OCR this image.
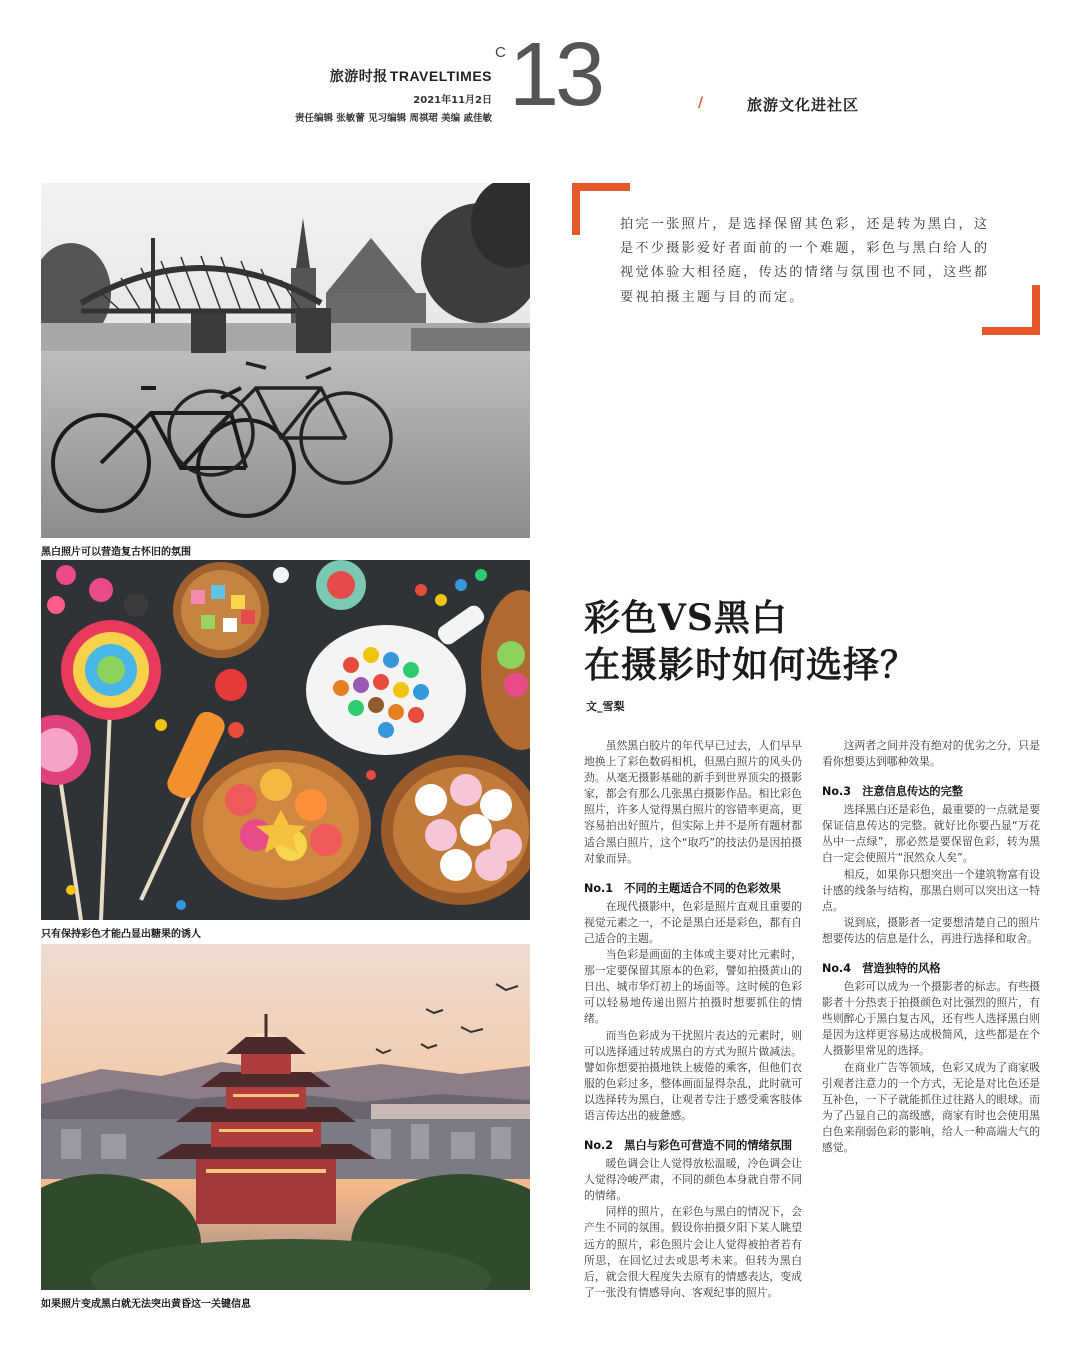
旅游时报 TRAVELTIMES
2021年11月2日
责任编辑 张敏蕾 见习编辑 周祺珺 美编 戚佳敏
C 13	/	旅游文化进社区
黑白照片可以营造复古怀旧的氛围
只有保持彩色才能凸显出糖果的诱人
如果照片变成黑白就无法突出黄昏这一关键信息
拍完一张照片，是选择保留其色彩，还是转为黑白，这是不少摄影爱好者面前的一个难题，彩色与黑白给人的视觉体验大相径庭，传达的情绪与氛围也不同，这些都要视拍摄主题与目的而定。
彩色VS黑白
在摄影时如何选择？
文_雪梨

虽然黑白胶片的年代早已过去，人们早早地换上了彩色数码相机，但黑白照片的风头仍劲。从毫无摄影基础的新手到世界顶尖的摄影家，都会有那么几张黑白摄影作品。相比彩色照片，许多人觉得黑白照片的容错率更高，更容易拍出好照片，但实际上并不是所有题材都适合黑白照片，这个“取巧”的技法仍是因拍摄对象而异。

No.1　不同的主题适合不同的色彩效果

在现代摄影中，色彩是照片直观且重要的视觉元素之一，不论是黑白还是彩色，都有自己适合的主题。

当色彩是画面的主体或主要对比元素时，那一定要保留其原本的色彩，譬如拍摄黄山的日出、城市华灯初上的场面等。这时候的色彩可以轻易地传递出照片拍摄时想要抓住的情绪。

而当色彩成为干扰照片表达的元素时，则可以选择通过转成黑白的方式为照片做减法。譬如你想要拍摄地铁上疲倦的乘客，但他们衣服的色彩过多，整体画面显得杂乱，此时就可以选择转为黑白，让观者专注于感受乘客肢体语言传达出的疲惫感。

No.2　黑白与彩色可营造不同的情绪氛围

暖色调会让人觉得放松温暖，冷色调会让人觉得冷峻严肃，不同的颜色本身就自带不同的情绪。

同样的照片，在彩色与黑白的情况下，会产生不同的氛围。假设你拍摄夕阳下某人眺望远方的照片，彩色照片会让人觉得被拍者若有所思，在回忆过去或思考未来。但转为黑白后，就会很大程度失去原有的情感表达，变成了一张没有情感导向、客观纪事的照片。

这两者之间并没有绝对的优劣之分，只是看你想要达到哪种效果。

No.3　注意信息传达的完整

选择黑白还是彩色，最重要的一点就是要保证信息传达的完整。就好比你要凸显“万花丛中一点绿”，那必然是要保留色彩，转为黑白一定会使照片“泯然众人矣”。

相反，如果你只想突出一个建筑物富有设计感的线条与结构，那黑白则可以突出这一特点。

说到底，摄影者一定要想清楚自己的照片想要传达的信息是什么，再进行选择和取舍。

No.4　营造独特的风格

色彩可以成为一个摄影者的标志。有些摄影者十分热衷于拍摄颜色对比强烈的照片，有些则醉心于黑白复古风，还有些人选择黑白则是因为这样更容易达成极简风，这些都是在个人摄影里常见的选择。

在商业广告等领域，色彩又成为了商家吸引观者注意力的一个方式，无论是对比色还是互补色，一下子就能抓住过往路人的眼球。而为了凸显自己的高级感，商家有时也会使用黑白色来削弱色彩的影响，给人一种高端大气的感觉。
